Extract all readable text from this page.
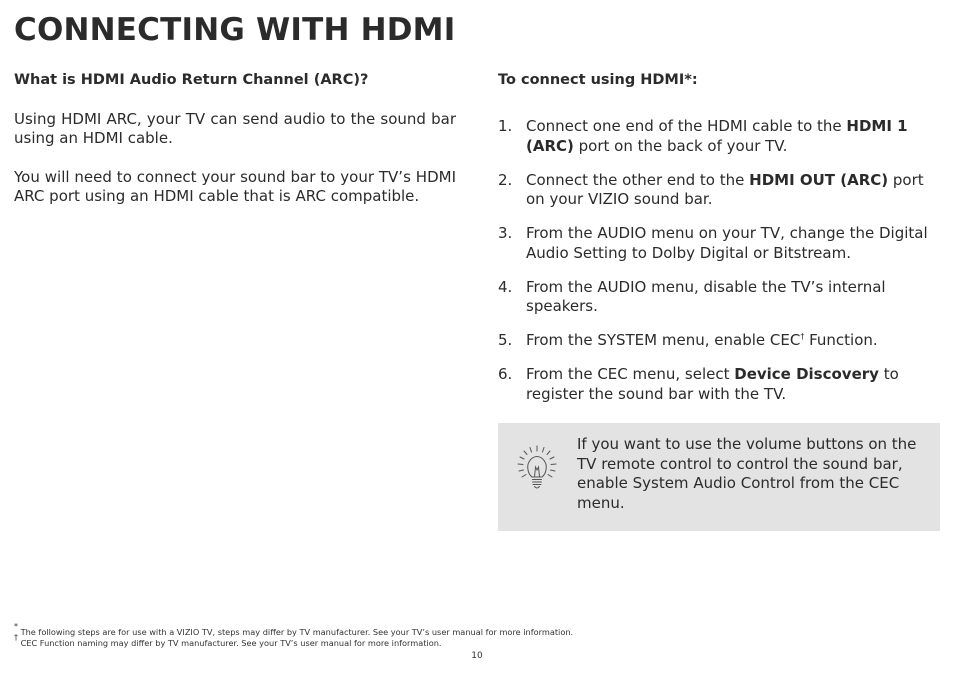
CONNECTING WITH HDMI

What is HDMI Audio Return Channel (ARC)?

Using HDMI ARC, your TV can send audio to the sound bar using an HDMI cable.

You will need to connect your sound bar to your TV’s HDMI ARC port using an HDMI cable that is ARC compatible.

To connect using HDMI*:

1. Connect one end of the HDMI cable to the HDMI 1 (ARC) port on the back of your TV.
2. Connect the other end to the HDMI OUT (ARC) port on your VIZIO sound bar.
3. From the AUDIO menu on your TV, change the Digital Audio Setting to Dolby Digital or Bitstream.
4. From the AUDIO menu, disable the TV’s internal speakers.
5. From the SYSTEM menu, enable CEC† Function.
6. From the CEC menu, select Device Discovery to register the sound bar with the TV.
If you want to use the volume buttons on the TV remote control to control the sound bar, enable System Audio Control from the CEC menu.
* The following steps are for use with a VIZIO TV, steps may differ by TV manufacturer. See your TV’s user manual for more information.
† CEC Function naming may differ by TV manufacturer. See your TV’s user manual for more information.
10
